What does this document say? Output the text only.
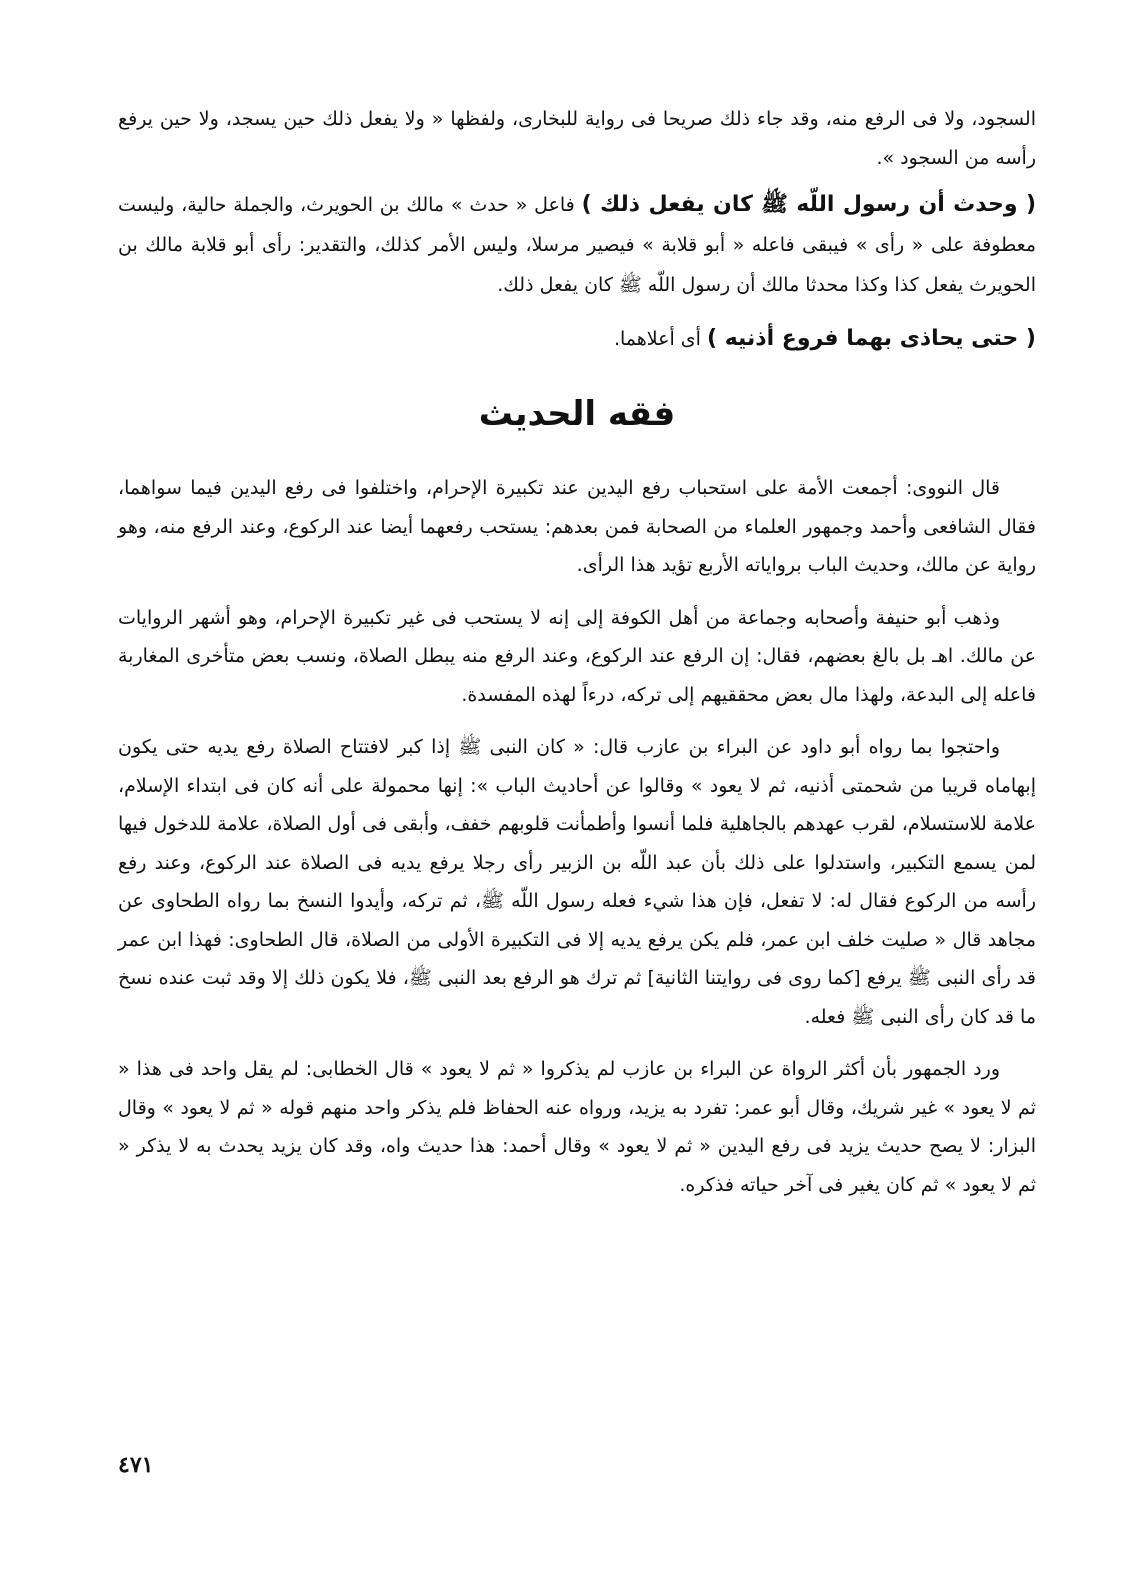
السجود، ولا فى الرفع منه، وقد جاء ذلك صريحا فى رواية للبخارى، ولفظها « ولا يفعل ذلك حين يسجد، ولا حين يرفع رأسه من السجود ».

( وحدث أن رسول اللّه ﷺ كان يفعل ذلك ) فاعل « حدث » مالك بن الحويرث، والجملة حالية، وليست معطوفة على « رأى » فيبقى فاعله « أبو قلابة » فيصير مرسلا، وليس الأمر كذلك، والتقدير: رأى أبو قلابة مالك بن الحويرث يفعل كذا وكذا محدثا مالك أن رسول اللّه ﷺ كان يفعل ذلك.

( حتى يحاذى بهما فروع أذنيه ) أى أعلاهما.

فقه الحديث

قال النووى: أجمعت الأمة على استحباب رفع اليدين عند تكبيرة الإحرام، واختلفوا فى رفع اليدين فيما سواهما، فقال الشافعى وأحمد وجمهور العلماء من الصحابة فمن بعدهم: يستحب رفعهما أيضا عند الركوع، وعند الرفع منه، وهو رواية عن مالك، وحديث الباب برواياته الأربع تؤيد هذا الرأى.

وذهب أبو حنيفة وأصحابه وجماعة من أهل الكوفة إلى إنه لا يستحب فى غير تكبيرة الإحرام، وهو أشهر الروايات عن مالك. اهـ بل بالغ بعضهم، فقال: إن الرفع عند الركوع، وعند الرفع منه يبطل الصلاة، ونسب بعض متأخرى المغاربة فاعله إلى البدعة، ولهذا مال بعض محققيهم إلى تركه، درءاً لهذه المفسدة.

واحتجوا بما رواه أبو داود عن البراء بن عازب قال: « كان النبى ﷺ إذا كبر لافتتاح الصلاة رفع يديه حتى يكون إبهاماه قريبا من شحمتى أذنيه، ثم لا يعود » وقالوا عن أحاديث الباب »: إنها محمولة على أنه كان فى ابتداء الإسلام، علامة للاستسلام، لقرب عهدهم بالجاهلية فلما أنسوا وأطمأنت قلوبهم خفف، وأبقى فى أول الصلاة، علامة للدخول فيها لمن يسمع التكبير، واستدلوا على ذلك بأن عبد اللّه بن الزبير رأى رجلا يرفع يديه فى الصلاة عند الركوع، وعند رفع رأسه من الركوع فقال له: لا تفعل، فإن هذا شيء فعله رسول اللّه ﷺ، ثم تركه، وأيدوا النسخ بما رواه الطحاوى عن مجاهد قال « صليت خلف ابن عمر، فلم يكن يرفع يديه إلا فى التكبيرة الأولى من الصلاة، قال الطحاوى: فهذا ابن عمر قد رأى النبى ﷺ يرفع [كما روى فى روايتنا الثانية] ثم ترك هو الرفع بعد النبى ﷺ، فلا يكون ذلك إلا وقد ثبت عنده نسخ ما قد كان رأى النبى ﷺ فعله.

ورد الجمهور بأن أكثر الرواة عن البراء بن عازب لم يذكروا « ثم لا يعود » قال الخطابى: لم يقل واحد فى هذا « ثم لا يعود » غير شريك، وقال أبو عمر: تفرد به يزيد، ورواه عنه الحفاظ فلم يذكر واحد منهم قوله « ثم لا يعود » وقال البزار: لا يصح حديث يزيد فى رفع اليدين « ثم لا يعود » وقال أحمد: هذا حديث واه، وقد كان يزيد يحدث به لا يذكر « ثم لا يعود » ثم كان يغير فى آخر حياته فذكره.

٤٧١
